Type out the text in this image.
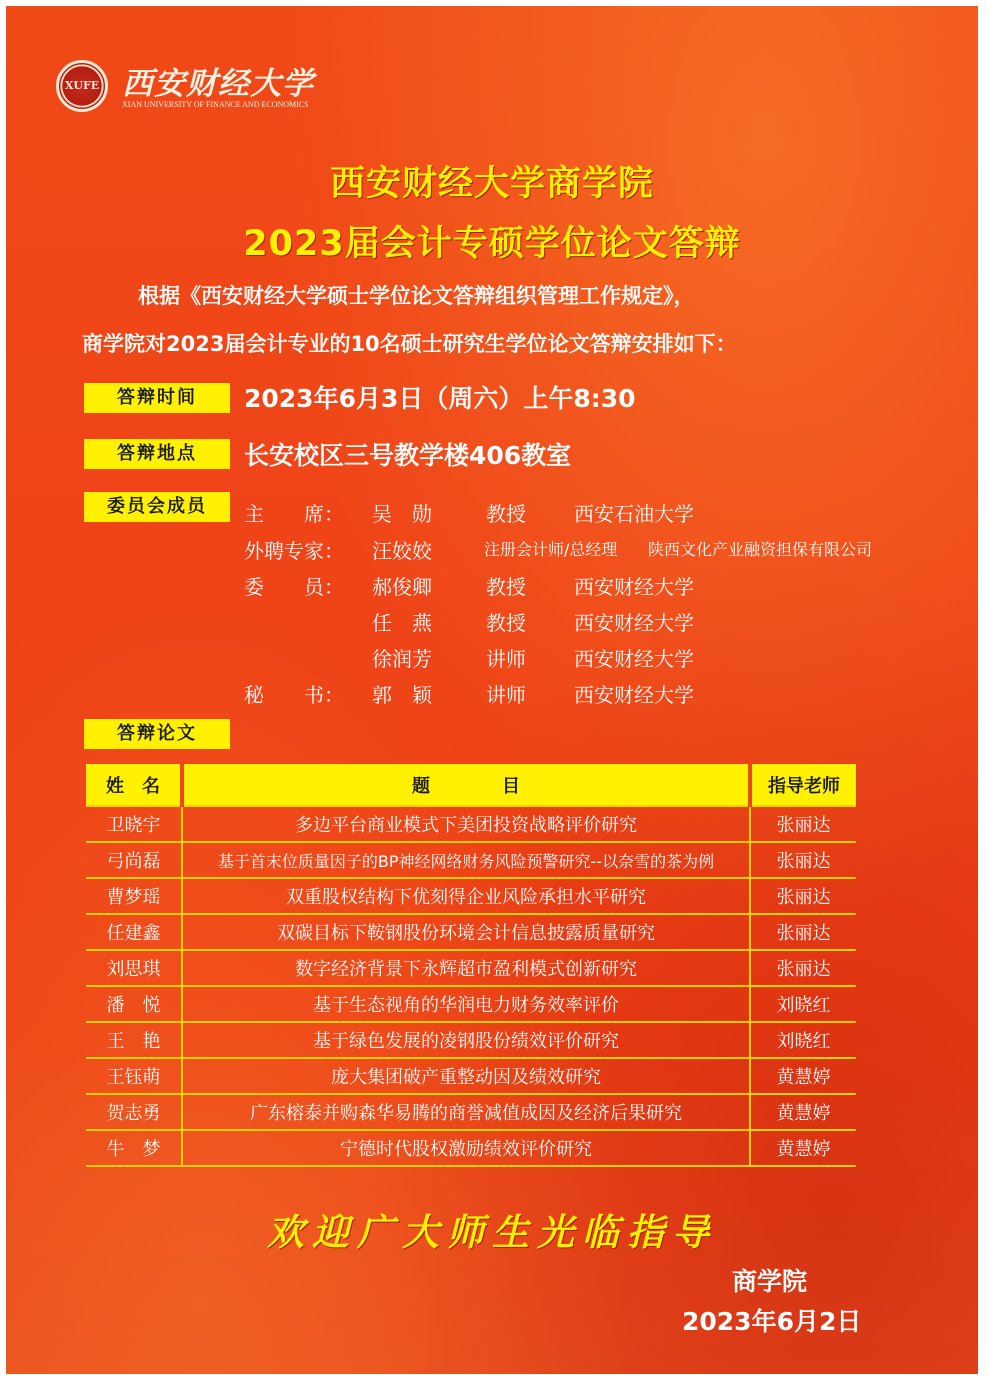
XUFE 西安财经大学
XIAN UNIVERSITY OF FINANCE AND ECONOMICS
西安财经大学商学院
2023届会计专硕学位论文答辩
根据《西安财经大学硕士学位论文答辩组织管理工作规定》，
商学院对2023届会计专业的10名硕士研究生学位论文答辩安排如下：
答辩时间	2023年6月3日（周六）上午8:30
答辩地点	长安校区三号教学楼406教室
委员会成员	主　　席： 吴　勋	教授 西安石油大学
外聘专家： 汪姣姣	注册会计师/总经理 陕西文化产业融资担保有限公司
委　　员： 郝俊卿	教授 西安财经大学
任　燕	教授 西安财经大学
徐润芳	讲师 西安财经大学
秘　　书： 郭　颖	讲师 西安财经大学
答辩论文
姓　名	题　　　　目	指导老师
卫晓宇	多边平台商业模式下美团投资战略评价研究	张丽达
弓尚磊	基于首末位质量因子的BP神经网络财务风险预警研究--以奈雪的茶为例	张丽达
曹梦瑶	双重股权结构下优刻得企业风险承担水平研究	张丽达
任建鑫	双碳目标下鞍钢股份环境会计信息披露质量研究	张丽达
刘思琪	数字经济背景下永辉超市盈利模式创新研究	张丽达
潘　悦	基于生态视角的华润电力财务效率评价	刘晓红
王　艳	基于绿色发展的凌钢股份绩效评价研究	刘晓红
王钰萌	庞大集团破产重整动因及绩效研究	黄慧婷
贺志勇	广东榕泰并购森华易腾的商誉减值成因及经济后果研究	黄慧婷
牛　梦	宁德时代股权激励绩效评价研究	黄慧婷
欢迎广大师生光临指导
商学院
2023年6月2日
